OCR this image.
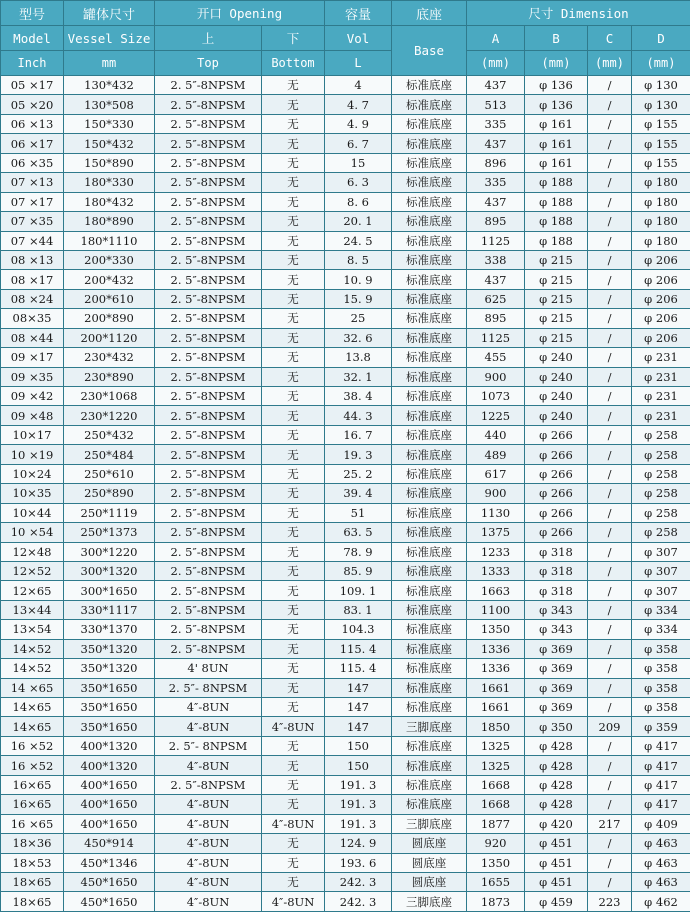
型号	罐体尺寸	开口 Opening		容量	底座	尺寸 Dimension			
Model	Vessel Size	上	下	Vol	Base	A	B	C	D
Inch	mm	Top	Bottom	L		(mm)	(mm)	(mm)	(mm)
05 ×17	130*432	2. 5″-8NPSM	无	4	标准底座	437	φ 136	/	φ 130
05 ×20	130*508	2. 5″-8NPSM	无	4. 7	标准底座	513	φ 136	/	φ 130
06 ×13	150*330	2. 5″-8NPSM	无	4. 9	标准底座	335	φ 161	/	φ 155
06 ×17	150*432	2. 5″-8NPSM	无	6. 7	标准底座	437	φ 161	/	φ 155
06 ×35	150*890	2. 5″-8NPSM	无	15	标准底座	896	φ 161	/	φ 155
07 ×13	180*330	2. 5″-8NPSM	无	6. 3	标准底座	335	φ 188	/	φ 180
07 ×17	180*432	2. 5″-8NPSM	无	8. 6	标准底座	437	φ 188	/	φ 180
07 ×35	180*890	2. 5″-8NPSM	无	20. 1	标准底座	895	φ 188	/	φ 180
07 ×44	180*1110	2. 5″-8NPSM	无	24. 5	标准底座	1125	φ 188	/	φ 180
08 ×13	200*330	2. 5″-8NPSM	无	8. 5	标准底座	338	φ 215	/	φ 206
08 ×17	200*432	2. 5″-8NPSM	无	10. 9	标准底座	437	φ 215	/	φ 206
08 ×24	200*610	2. 5″-8NPSM	无	15. 9	标准底座	625	φ 215	/	φ 206
08×35	200*890	2. 5″-8NPSM	无	25	标准底座	895	φ 215	/	φ 206
08 ×44	200*1120	2. 5″-8NPSM	无	32. 6	标准底座	1125	φ 215	/	φ 206
09 ×17	230*432	2. 5″-8NPSM	无	13.8	标准底座	455	φ 240	/	φ 231
09 ×35	230*890	2. 5″-8NPSM	无	32. 1	标准底座	900	φ 240	/	φ 231
09 ×42	230*1068	2. 5″-8NPSM	无	38. 4	标准底座	1073	φ 240	/	φ 231
09 ×48	230*1220	2. 5″-8NPSM	无	44. 3	标准底座	1225	φ 240	/	φ 231
10×17	250*432	2. 5″-8NPSM	无	16. 7	标准底座	440	φ 266	/	φ 258
10 ×19	250*484	2. 5″-8NPSM	无	19. 3	标准底座	489	φ 266	/	φ 258
10×24	250*610	2. 5″-8NPSM	无	25. 2	标准底座	617	φ 266	/	φ 258
10×35	250*890	2. 5″-8NPSM	无	39. 4	标准底座	900	φ 266	/	φ 258
10×44	250*1119	2. 5″-8NPSM	无	51	标准底座	1130	φ 266	/	φ 258
10 ×54	250*1373	2. 5″-8NPSM	无	63. 5	标准底座	1375	φ 266	/	φ 258
12×48	300*1220	2. 5″-8NPSM	无	78. 9	标准底座	1233	φ 318	/	φ 307
12×52	300*1320	2. 5″-8NPSM	无	85. 9	标准底座	1333	φ 318	/	φ 307
12×65	300*1650	2. 5″-8NPSM	无	109. 1	标准底座	1663	φ 318	/	φ 307
13×44	330*1117	2. 5″-8NPSM	无	83. 1	标准底座	1100	φ 343	/	φ 334
13×54	330*1370	2. 5″-8NPSM	无	104.3	标准底座	1350	φ 343	/	φ 334
14×52	350*1320	2. 5″-8NPSM	无	115. 4	标准底座	1336	φ 369	/	φ 358
14×52	350*1320	4' 8UN	无	115. 4	标准底座	1336	φ 369	/	φ 358
14 ×65	350*1650	2. 5″- 8NPSM	无	147	标准底座	1661	φ 369	/	φ 358
14×65	350*1650	4″-8UN	无	147	标准底座	1661	φ 369	/	φ 358
14×65	350*1650	4″-8UN	4″-8UN	147	三脚底座	1850	φ 350	209	φ 359
16 ×52	400*1320	2. 5″- 8NPSM	无	150	标准底座	1325	φ 428	/	φ 417
16 ×52	400*1320	4″-8UN	无	150	标准底座	1325	φ 428	/	φ 417
16×65	400*1650	2. 5″-8NPSM	无	191. 3	标准底座	1668	φ 428	/	φ 417
16×65	400*1650	4″-8UN	无	191. 3	标准底座	1668	φ 428	/	φ 417
16 ×65	400*1650	4″-8UN	4″-8UN	191. 3	三脚底座	1877	φ 420	217	φ 409
18×36	450*914	4″-8UN	无	124. 9	圆底座	920	φ 451	/	φ 463
18×53	450*1346	4″-8UN	无	193. 6	圆底座	1350	φ 451	/	φ 463
18×65	450*1650	4″-8UN	无	242. 3	圆底座	1655	φ 451	/	φ 463
18×65	450*1650	4″-8UN	4″-8UN	242. 3	三脚底座	1873	φ 459	223	φ 462
